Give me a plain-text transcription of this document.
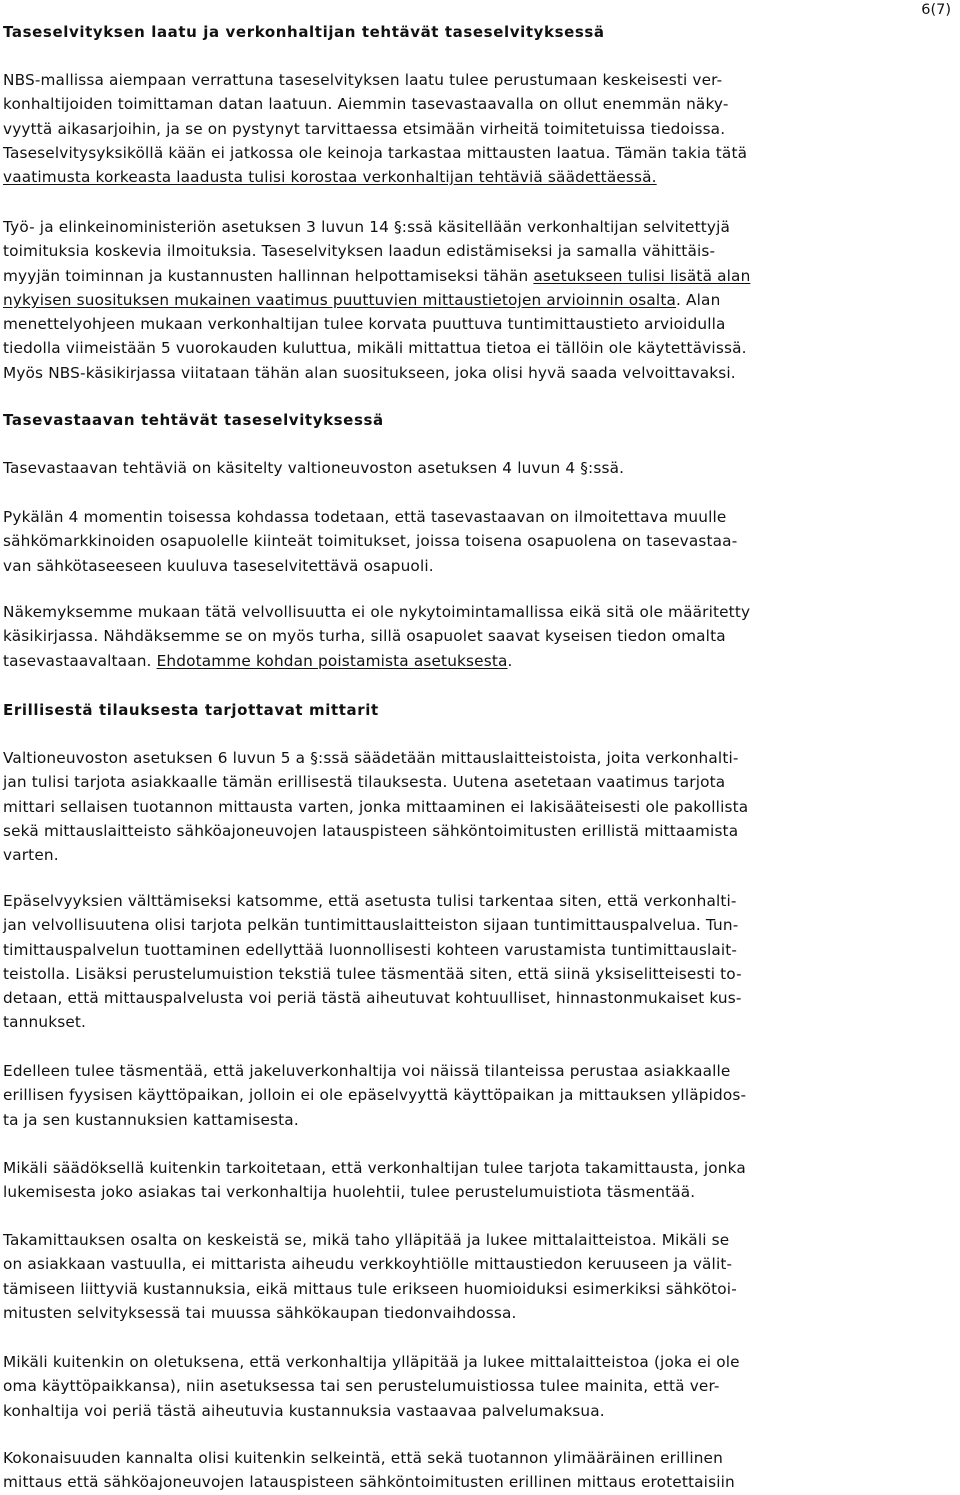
6(7)
Taseselvityksen laatu ja verkonhaltijan tehtävät taseselvityksessä
NBS-mallissa aiempaan verrattuna taseselvityksen laatu tulee perustumaan keskeisesti ver-
konhaltijoiden toimittaman datan laatuun. Aiemmin tasevastaavalla on ollut enemmän näky-
vyyttä aikasarjoihin, ja se on pystynyt tarvittaessa etsimään virheitä toimitetuissa tiedoissa.
Taseselvitysyksiköllä kään ei jatkossa ole keinoja tarkastaa mittausten laatua. Tämän takia tätä
vaatimusta korkeasta laadusta tulisi korostaa verkonhaltijan tehtäviä säädettäessä.
Työ- ja elinkeinoministeriön asetuksen 3 luvun 14 §:ssä käsitellään verkonhaltijan selvitettyjä
toimituksia koskevia ilmoituksia. Taseselvityksen laadun edistämiseksi ja samalla vähittäis-
myyjän toiminnan ja kustannusten hallinnan helpottamiseksi tähän asetukseen tulisi lisätä alan
nykyisen suosituksen mukainen vaatimus puuttuvien mittaustietojen arvioinnin osalta. Alan
menettelyohjeen mukaan verkonhaltijan tulee korvata puuttuva tuntimittaustieto arvioidulla
tiedolla viimeistään 5 vuorokauden kuluttua, mikäli mittattua tietoa ei tällöin ole käytettävissä.
Myös NBS-käsikirjassa viitataan tähän alan suositukseen, joka olisi hyvä saada velvoittavaksi.
Tasevastaavan tehtävät taseselvityksessä
Tasevastaavan tehtäviä on käsitelty valtioneuvoston asetuksen 4 luvun 4 §:ssä.
Pykälän 4 momentin toisessa kohdassa todetaan, että tasevastaavan on ilmoitettava muulle
sähkömarkkinoiden osapuolelle kiinteät toimitukset, joissa toisena osapuolena on tasevastaa-
van sähkötaseeseen kuuluva taseselvitettävä osapuoli.
Näkemyksemme mukaan tätä velvollisuutta ei ole nykytoimintamallissa eikä sitä ole määritetty
käsikirjassa. Nähdäksemme se on myös turha, sillä osapuolet saavat kyseisen tiedon omalta
tasevastaavaltaan. Ehdotamme kohdan poistamista asetuksesta.
Erillisestä tilauksesta tarjottavat mittarit
Valtioneuvoston asetuksen 6 luvun 5 a §:ssä säädetään mittauslaitteistoista, joita verkonhalti-
jan tulisi tarjota asiakkaalle tämän erillisestä tilauksesta. Uutena asetetaan vaatimus tarjota
mittari sellaisen tuotannon mittausta varten, jonka mittaaminen ei lakisääteisesti ole pakollista
sekä mittauslaitteisto sähköajoneuvojen latauspisteen sähköntoimitusten erillistä mittaamista
varten.
Epäselvyyksien välttämiseksi katsomme, että asetusta tulisi tarkentaa siten, että verkonhalti-
jan velvollisuutena olisi tarjota pelkän tuntimittauslaitteiston sijaan tuntimittauspalvelua. Tun-
timittauspalvelun tuottaminen edellyttää luonnollisesti kohteen varustamista tuntimittauslait-
teistolla. Lisäksi perustelumuistion tekstiä tulee täsmentää siten, että siinä yksiselitteisesti to-
detaan, että mittauspalvelusta voi periä tästä aiheutuvat kohtuulliset, hinnastonmukaiset kus-
tannukset.
Edelleen tulee täsmentää, että jakeluverkonhaltija voi näissä tilanteissa perustaa asiakkaalle
erillisen fyysisen käyttöpaikan, jolloin ei ole epäselvyyttä käyttöpaikan ja mittauksen ylläpidos-
ta ja sen kustannuksien kattamisesta.
Mikäli säädöksellä kuitenkin tarkoitetaan, että verkonhaltijan tulee tarjota takamittausta, jonka
lukemisesta joko asiakas tai verkonhaltija huolehtii, tulee perustelumuistiota täsmentää.
Takamittauksen osalta on keskeistä se, mikä taho ylläpitää ja lukee mittalaitteistoa. Mikäli se
on asiakkaan vastuulla, ei mittarista aiheudu verkkoyhtiölle mittaustiedon keruuseen ja välit-
tämiseen liittyviä kustannuksia, eikä mittaus tule erikseen huomioiduksi esimerkiksi sähkötoi-
mitusten selvityksessä tai muussa sähkökaupan tiedonvaihdossa.
Mikäli kuitenkin on oletuksena, että verkonhaltija ylläpitää ja lukee mittalaitteistoa (joka ei ole
oma käyttöpaikkansa), niin asetuksessa tai sen perustelumuistiossa tulee mainita, että ver-
konhaltija voi periä tästä aiheutuvia kustannuksia vastaavaa palvelumaksua.
Kokonaisuuden kannalta olisi kuitenkin selkeintä, että sekä tuotannon ylimääräinen erillinen
mittaus että sähköajoneuvojen latauspisteen sähköntoimitusten erillinen mittaus erotettaisiin
